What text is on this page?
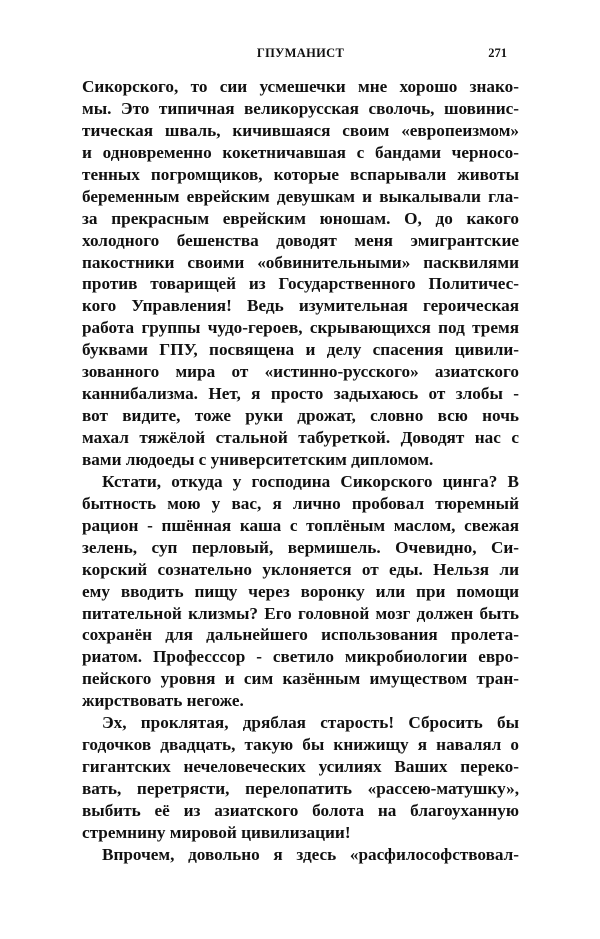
ГПУМАНИСТ	271
Сикорского, то сии усмешечки мне хорошо знако-
мы. Это типичная великорусская сволочь, шовинис-
тическая шваль, кичившаяся своим «европеизмом»
и одновременно кокетничавшая с бандами черносо-
тенных погромщиков, которые вспарывали животы
беременным еврейским девушкам и выкалывали гла-
за прекрасным еврейским юношам. О, до какого
холодного бешенства доводят меня эмигрантские
пакостники своими «обвинительными» пасквилями
против товарищей из Государственного Политичес-
кого Управления! Ведь изумительная героическая
работа группы чудо-героев, скрывающихся под тремя
буквами ГПУ, посвящена и делу спасения цивили-
зованного мира от «истинно-русского» азиатского
каннибализма. Нет, я просто задыхаюсь от злобы -
вот видите, тоже руки дрожат, словно всю ночь
махал тяжёлой стальной табуреткой. Доводят нас с
вами людоеды с университетским дипломом.
Кстати, откуда у господина Сикорского цинга? В
бытность мою у вас, я лично пробовал тюремный
рацион - пшённая каша с топлёным маслом, свежая
зелень, суп перловый, вермишель. Очевидно, Си-
корский сознательно уклоняется от еды. Нельзя ли
ему вводить пищу через воронку или при помощи
питательной клизмы? Его головной мозг должен быть
сохранён для дальнейшего использования пролета-
риатом. Професссор - светило микробиологии евро-
пейского уровня и сим казённым имуществом тран-
жирствовать негоже.
Эх, проклятая, дряблая старость! Сбросить бы
годочков двадцать, такую бы книжищу я навалял о
гигантских нечеловеческих усилиях Ваших переко-
вать, перетрясти, перелопатить «рассею-матушку»,
выбить её из азиатского болота на благоуханную
стремнину мировой цивилизации!
Впрочем, довольно я здесь «расфилософствовал-
